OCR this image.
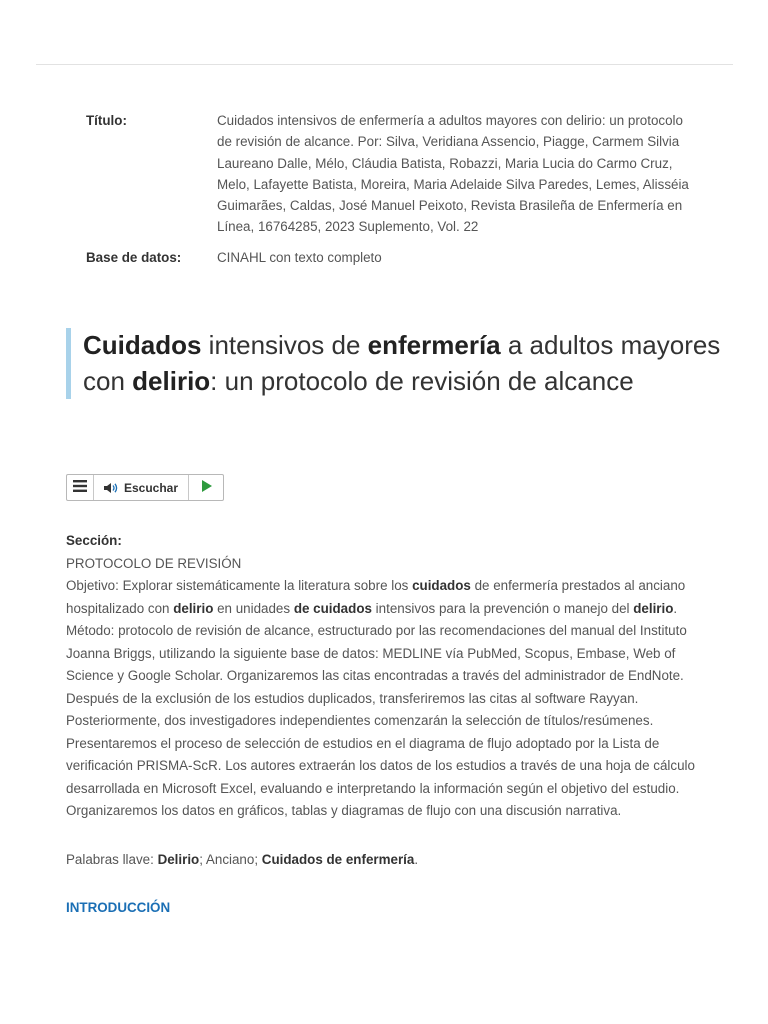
Título:	Cuidados intensivos de enfermería a adultos mayores con delirio: un protocolo de revisión de alcance. Por: Silva, Veridiana Assencio, Piagge, Carmem Silvia Laureano Dalle, Mélo, Cláudia Batista, Robazzi, Maria Lucia do Carmo Cruz, Melo, Lafayette Batista, Moreira, Maria Adelaide Silva Paredes, Lemes, Alisséia Guimarães, Caldas, José Manuel Peixoto, Revista Brasileña de Enfermería en Línea, 16764285, 2023 Suplemento, Vol. 22
Base de datos:	CINAHL con texto completo
Cuidados intensivos de enfermería a adultos mayores con delirio: un protocolo de revisión de alcance
Escuchar

Sección:

PROTOCOLO DE REVISIÓN

Objetivo: Explorar sistemáticamente la literatura sobre los cuidados de enfermería prestados al anciano hospitalizado con delirio en unidades de cuidados intensivos para la prevención o manejo del delirio. Método: protocolo de revisión de alcance, estructurado por las recomendaciones del manual del Instituto Joanna Briggs, utilizando la siguiente base de datos: MEDLINE vía PubMed, Scopus, Embase, Web of Science y Google Scholar. Organizaremos las citas encontradas a través del administrador de EndNote. Después de la exclusión de los estudios duplicados, transferiremos las citas al software Rayyan. Posteriormente, dos investigadores independientes comenzarán la selección de títulos/resúmenes. Presentaremos el proceso de selección de estudios en el diagrama de flujo adoptado por la Lista de verificación PRISMA-ScR. Los autores extraerán los datos de los estudios a través de una hoja de cálculo desarrollada en Microsoft Excel, evaluando e interpretando la información según el objetivo del estudio. Organizaremos los datos en gráficos, tablas y diagramas de flujo con una discusión narrativa.

Palabras llave: Delirio; Anciano; Cuidados de enfermería.

INTRODUCCIÓN
